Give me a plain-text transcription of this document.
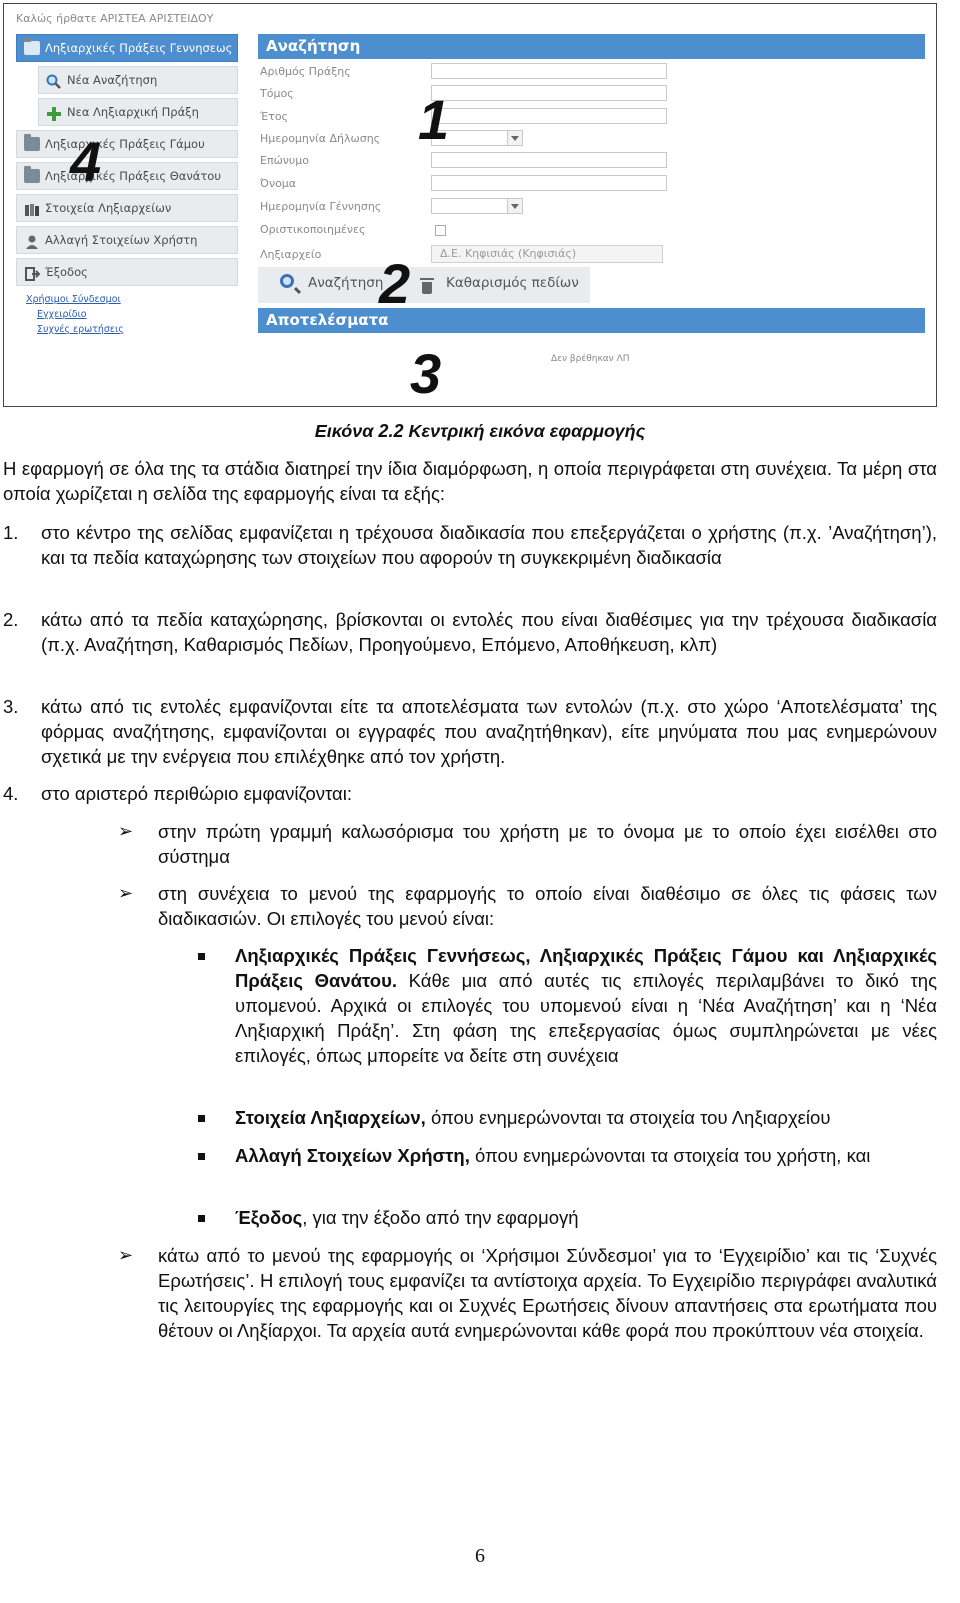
Καλώς ήρθατε ΑΡΙΣΤΕΑ ΑΡΙΣΤΕΙΔΟΥ
Ληξιαρχικές Πράξεις Γεννησεως
Νέα Αναζήτηση
Νεα Ληξιαρχική Πράξη
Ληξιαρχικές Πράξεις Γάμου
Ληξιαρχικές Πράξεις Θανάτου
Στοιχεία Ληξιαρχείων
Αλλαγή Στοιχείων Χρήστη
Έξοδος
Χρήσιμοι Σύνδεσμοι
Εγχειρίδιο
Συχνές ερωτήσεις
Αναζήτηση
Αριθμός Πράξης
Τόμος
Έτος
Ημερομηνία Δήλωσης
Επώνυμο
Όνομα
Ημερομηνία Γέννησης
Οριστικοποιημένες
Ληξιαρχείο	Δ.Ε. Κηφισιάς (Κηφισιάς)
Αναζήτηση	Καθαρισμός πεδίων
Αποτελέσματα
Δεν βρέθηκαν ΛΠ
1
2
3
4
Εικόνα 2.2 Κεντρική εικόνα εφαρμογής
Η εφαρμογή σε όλα της τα στάδια διατηρεί την ίδια διαμόρφωση, η οποία περιγράφεται στη συνέχεια. Τα μέρη στα οποία χωρίζεται η σελίδα της εφαρμογής είναι τα εξής:
1. στο κέντρο της σελίδας εμφανίζεται η τρέχουσα διαδικασία που επεξεργάζεται ο χρήστης (π.χ. ’Αναζήτηση’), και τα πεδία καταχώρησης των στοιχείων που αφορούν τη συγκεκριμένη διαδικασία
2. κάτω από τα πεδία καταχώρησης, βρίσκονται οι εντολές που είναι διαθέσιμες για την τρέχουσα διαδικασία (π.χ. Αναζήτηση, Καθαρισμός Πεδίων, Προηγούμενο, Επόμενο, Αποθήκευση, κλπ)
3. κάτω από τις εντολές εμφανίζονται είτε τα αποτελέσματα των εντολών (π.χ. στο χώρο ‘Αποτελέσματα’ της φόρμας αναζήτησης, εμφανίζονται οι εγγραφές που αναζητήθηκαν), είτε μηνύματα που μας ενημερώνουν σχετικά με την ενέργεια που επιλέχθηκε από τον χρήστη.
4. στο αριστερό περιθώριο εμφανίζονται:
➢ στην πρώτη γραμμή καλωσόρισμα του χρήστη με το όνομα με το οποίο έχει εισέλθει στο σύστημα
➢ στη συνέχεια το μενού της εφαρμογής το οποίο είναι διαθέσιμο σε όλες τις φάσεις των διαδικασιών. Οι επιλογές του μενού είναι:
Ληξιαρχικές Πράξεις Γεννήσεως, Ληξιαρχικές Πράξεις Γάμου και Ληξιαρχικές Πράξεις Θανάτου. Κάθε μια από αυτές τις επιλογές περιλαμβάνει το δικό της υπομενού. Αρχικά οι επιλογές του υπομενού είναι η ‘Νέα Αναζήτηση’ και η ‘Νέα Ληξιαρχική Πράξη’. Στη φάση της επεξεργασίας όμως συμπληρώνεται με νέες επιλογές, όπως μπορείτε να δείτε στη συνέχεια
Στοιχεία Ληξιαρχείων, όπου ενημερώνονται τα στοιχεία του Ληξιαρχείου
Αλλαγή Στοιχείων Χρήστη, όπου ενημερώνονται τα στοιχεία του χρήστη, και
Έξοδος, για την έξοδο από την εφαρμογή
➢ κάτω από το μενού της εφαρμογής οι ‘Χρήσιμοι Σύνδεσμοι’ για το ‘Εγχειρίδιο’ και τις ‘Συχνές Ερωτήσεις’. Η επιλογή τους εμφανίζει τα αντίστοιχα αρχεία. Το Εγχειρίδιο περιγράφει αναλυτικά τις λειτουργίες της εφαρμογής και οι Συχνές Ερωτήσεις δίνουν απαντήσεις στα ερωτήματα που θέτουν οι Ληξίαρχοι. Τα αρχεία αυτά ενημερώνονται κάθε φορά που προκύπτουν νέα στοιχεία.
6
